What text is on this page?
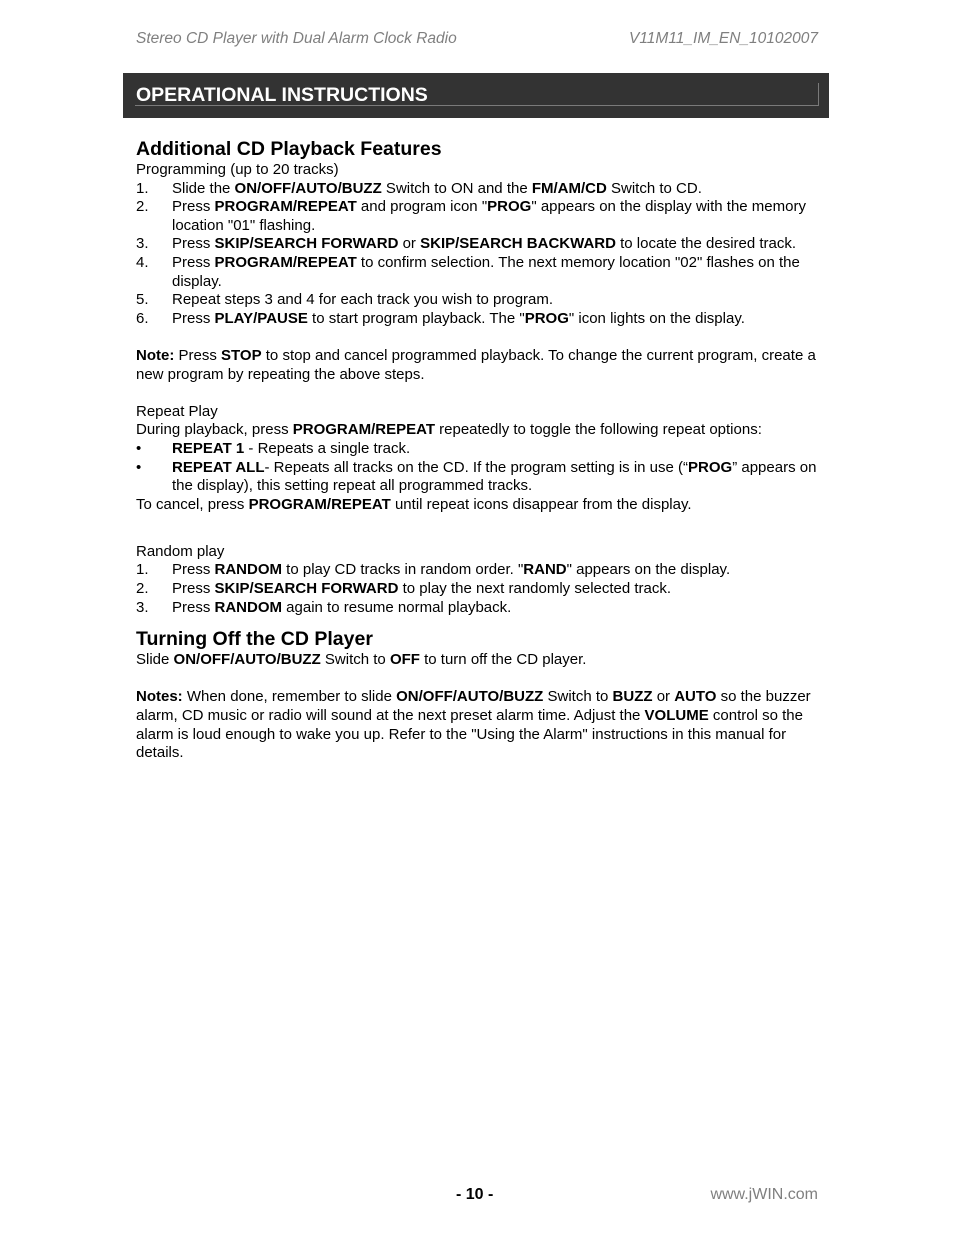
Stereo CD Player with Dual Alarm Clock Radio	V11M11_IM_EN_10102007
OPERATIONAL INSTRUCTIONS
Additional CD Playback Features
Programming (up to 20 tracks)
1.	Slide the ON/OFF/AUTO/BUZZ Switch to ON and the FM/AM/CD Switch to CD.
2.	Press PROGRAM/REPEAT and program icon "PROG" appears on the display with the memory location "01" flashing.
3.	Press SKIP/SEARCH FORWARD or SKIP/SEARCH BACKWARD to locate the desired track.
4.	Press PROGRAM/REPEAT to confirm selection. The next memory location "02" flashes on the display.
5.	Repeat steps 3 and 4 for each track you wish to program.
6.	Press PLAY/PAUSE to start program playback. The "PROG" icon lights on the display.
Note: Press STOP to stop and cancel programmed playback. To change the current program, create a new program by repeating the above steps.
Repeat Play
During playback, press PROGRAM/REPEAT repeatedly to toggle the following repeat options:
•	REPEAT 1 - Repeats a single track.
•	REPEAT ALL- Repeats all tracks on the CD. If the program setting is in use (“PROG” appears on the display), this setting repeat all programmed tracks.
To cancel, press PROGRAM/REPEAT until repeat icons disappear from the display.
Random play
1.	Press RANDOM to play CD tracks in random order. "RAND" appears on the display.
2.	Press SKIP/SEARCH FORWARD to play the next randomly selected track.
3.	Press RANDOM again to resume normal playback.
Turning Off the CD Player
Slide ON/OFF/AUTO/BUZZ Switch to OFF to turn off the CD player.
Notes: When done, remember to slide ON/OFF/AUTO/BUZZ Switch to BUZZ or AUTO so the buzzer alarm, CD music or radio will sound at the next preset alarm time. Adjust the VOLUME control so the alarm is loud enough to wake you up. Refer to the "Using the Alarm" instructions in this manual for details.
- 10 -	www.jWIN.com
